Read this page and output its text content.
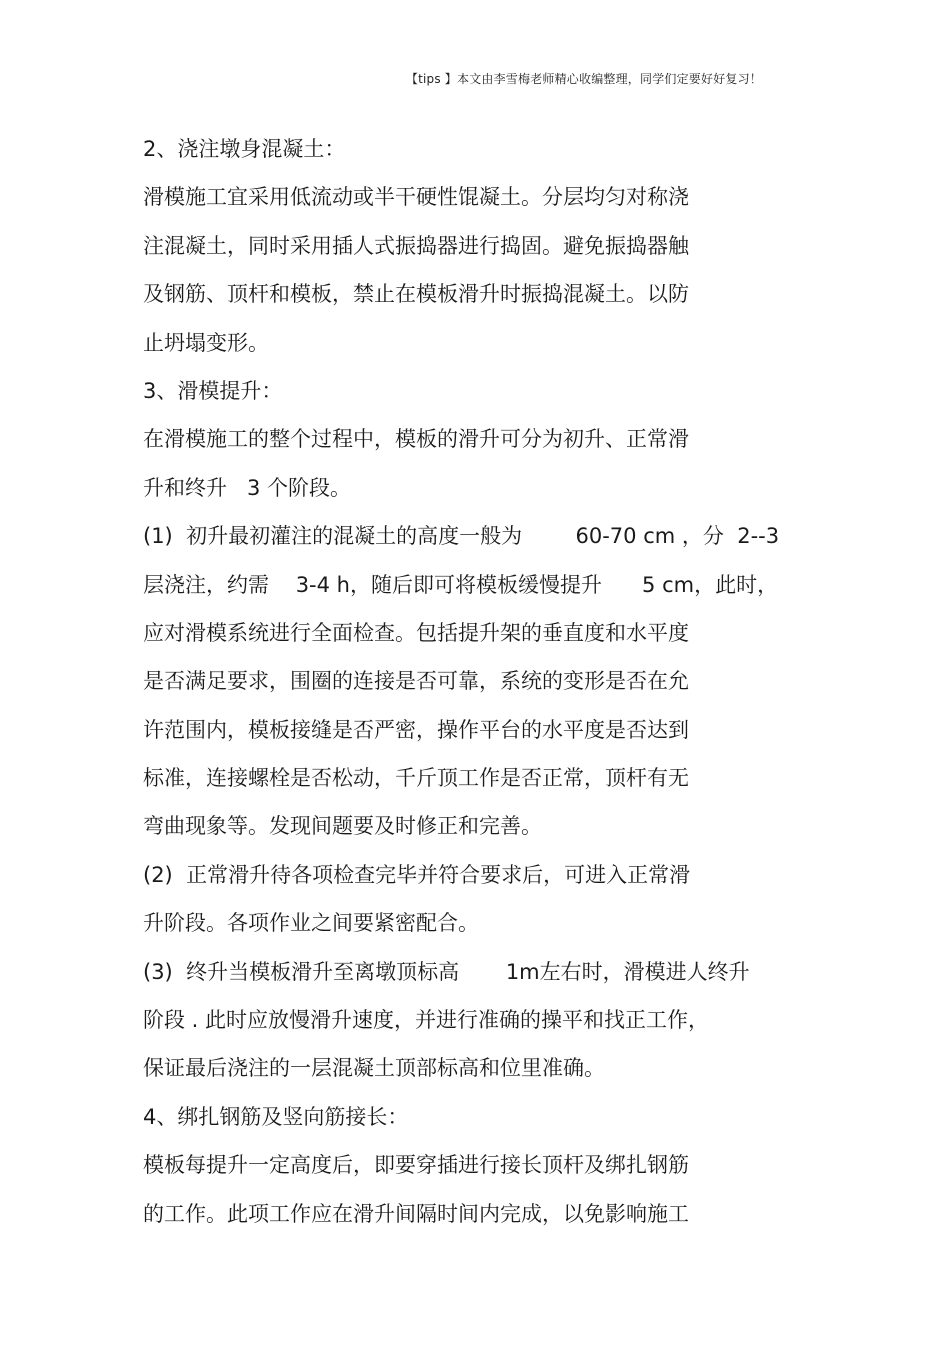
【tips 】本文由李雪梅老师精心收编整理，同学们定要好好复习！
2、浇注墩身混凝土：
滑模施工宜采用低流动或半干硬性馄凝土。分层均匀对称浇
注混凝土，同时采用插人式振捣器进行捣固。避免振捣器触
及钢筋、顶杆和模板，禁止在模板滑升时振捣混凝土。以防
止坍塌变形。
3、滑模提升：
在滑模施工的整个过程中，模板的滑升可分为初升、正常滑
升和终升   3 个阶段。
(1)  初升最初灌注的混凝土的高度一般为        60-70 cm ，分  2--3
层浇注，约需    3-4 h，随后即可将模板缓慢提升      5 cm，此时，
应对滑模系统进行全面检查。包括提升架的垂直度和水平度
是否满足要求，围圈的连接是否可靠，系统的变形是否在允
许范围内，模板接缝是否严密，操作平台的水平度是否达到
标准，连接螺栓是否松动，千斤顶工作是否正常，顶杆有无
弯曲现象等。发现间题要及时修正和完善。
(2)  正常滑升待各项检查完毕并符合要求后，可进入正常滑
升阶段。各项作业之间要紧密配合。
(3)  终升当模板滑升至离墩顶标高       1m左右时，滑模进人终升
阶段 . 此时应放慢滑升速度，并进行准确的操平和找正工作，
保证最后浇注的一层混凝土顶部标高和位里准确。
4、绑扎钢筋及竖向筋接长：
模板每提升一定高度后，即要穿插进行接长顶杆及绑扎钢筋
的工作。此项工作应在滑升间隔时间内完成，以免影响施工
